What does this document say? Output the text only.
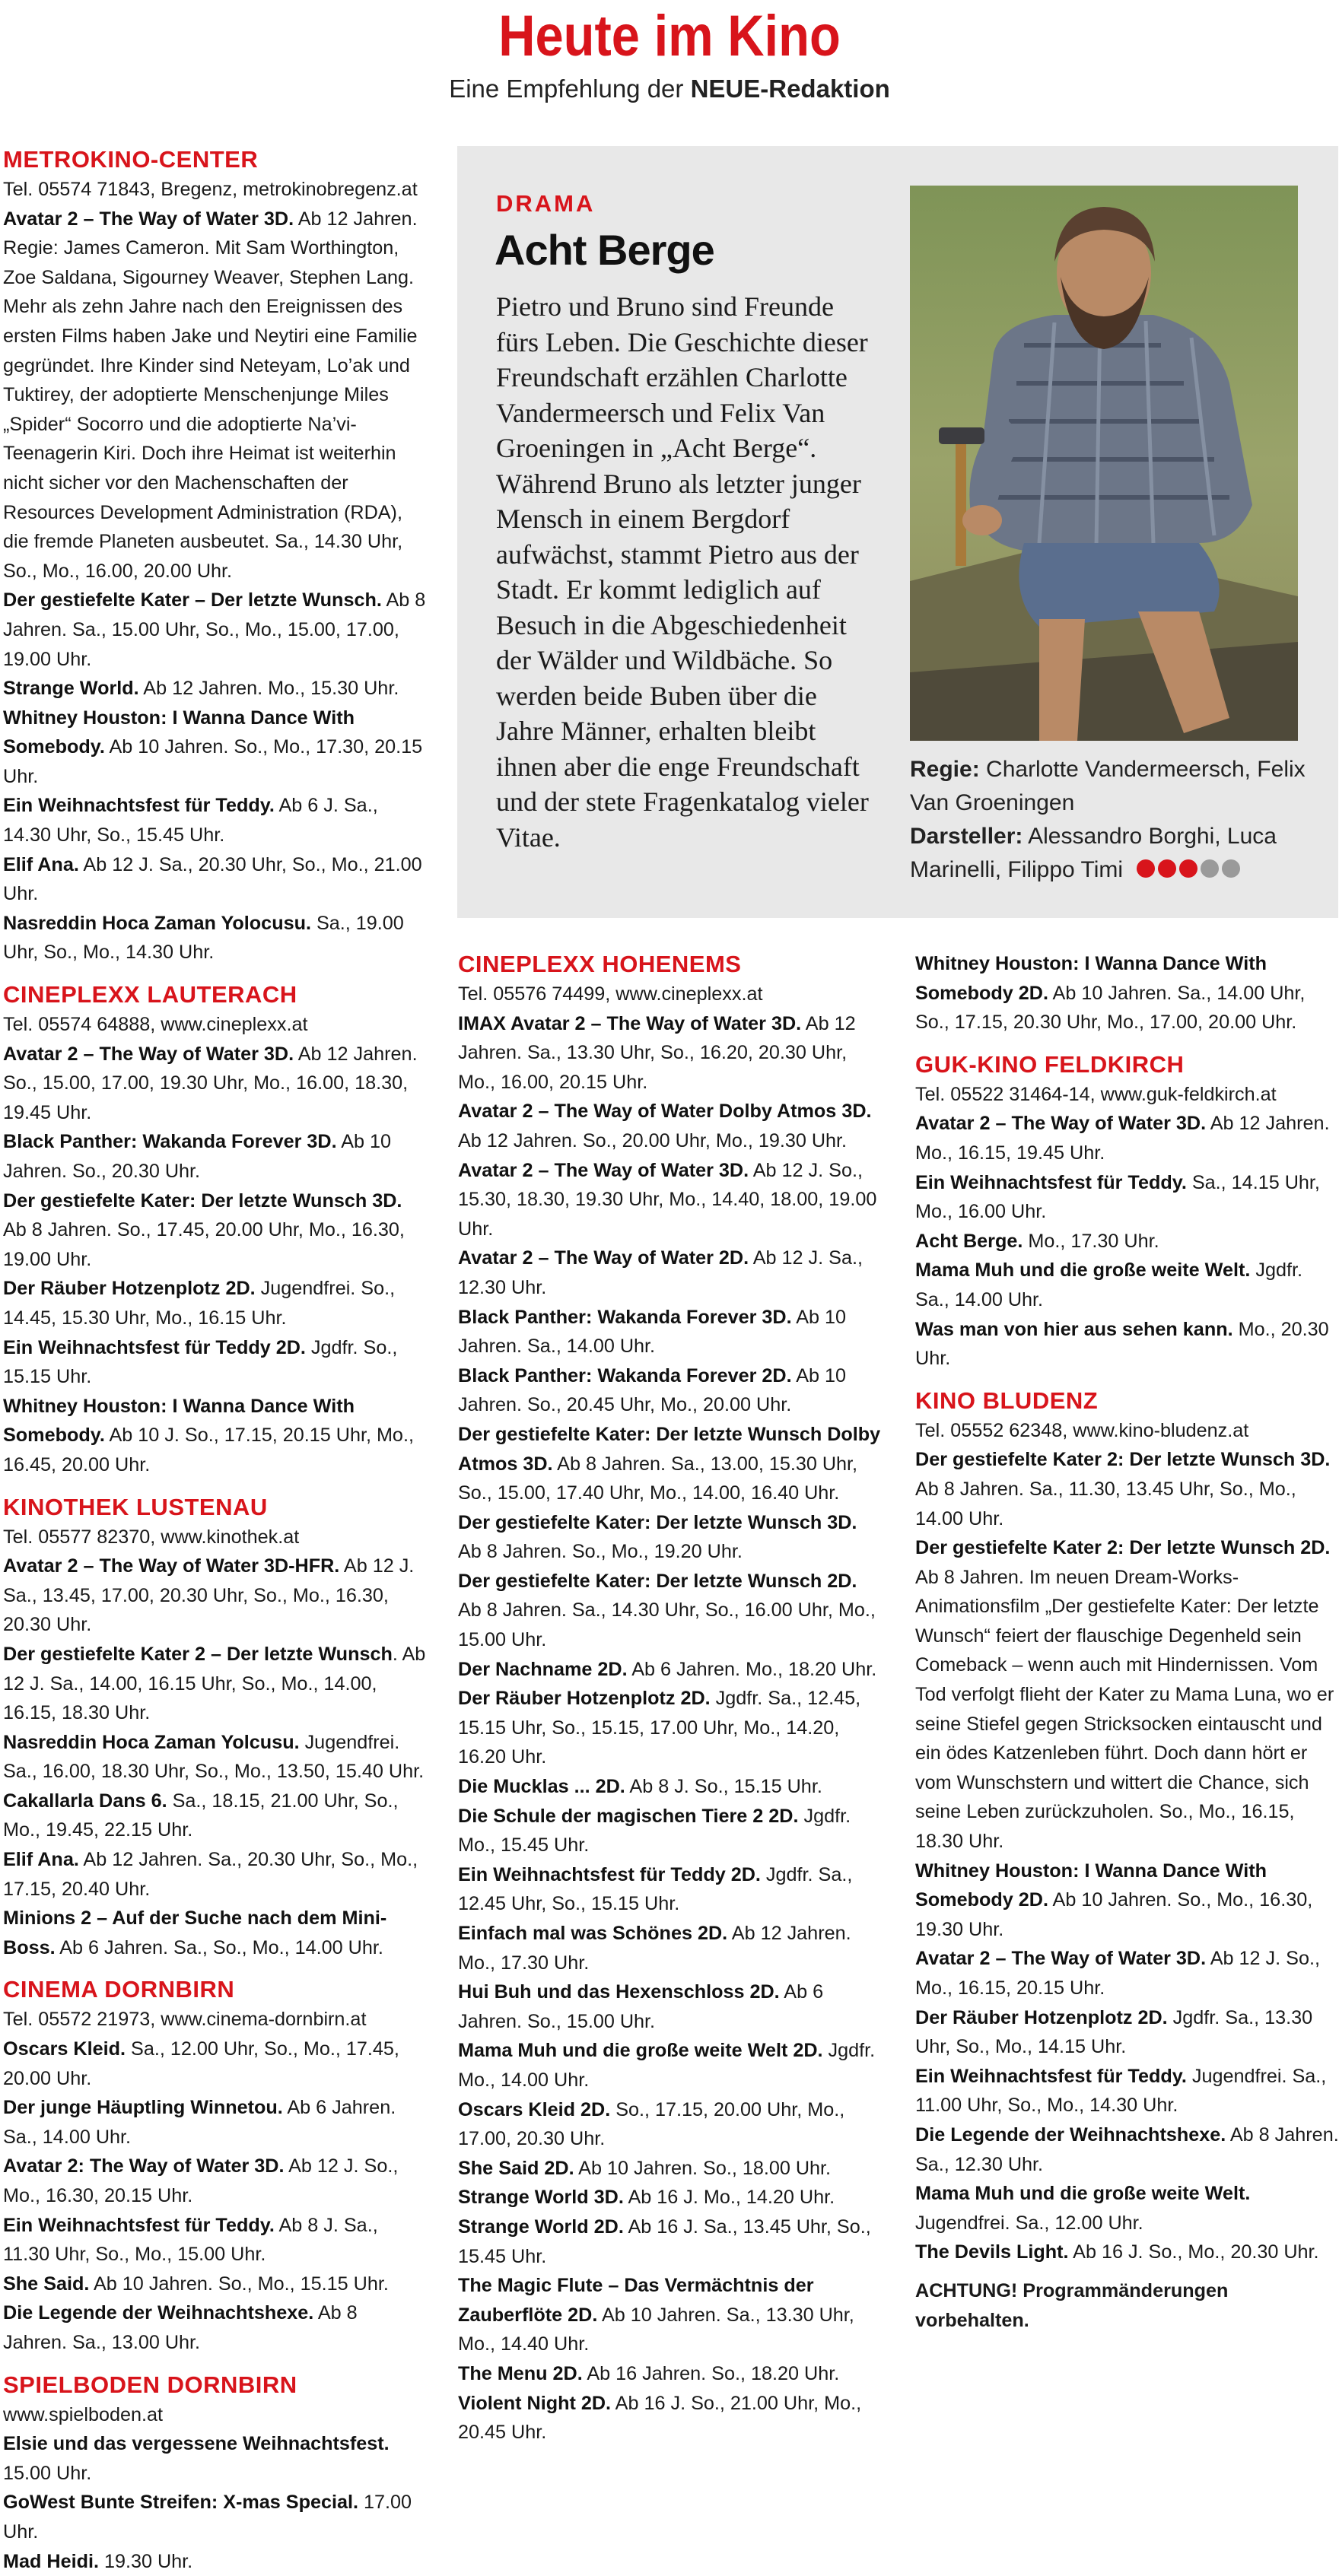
Heute im Kino
Eine Empfehlung der NEUE-Redaktion
DRAMA
Acht Berge
Pietro und Bruno sind Freunde fürs Leben. Die Geschichte dieser Freundschaft erzählen Charlotte Vandermeersch und Felix Van Groeningen in „Acht Berge“. Während Bruno als letzter junger Mensch in einem Bergdorf aufwächst, stammt Pietro aus der Stadt. Er kommt lediglich auf Besuch in die Abgeschiedenheit der Wälder und Wildbäche. So werden beide Buben über die Jahre Männer, erhalten bleibt ihnen aber die enge Freundschaft und der stete Fragenkatalog vieler Vitae.
Regie: Charlotte Vandermeersch, Felix Van Groeningen
Darsteller: Alessandro Borghi, Luca Marinelli, Filippo Timi
METROKINO-CENTER
Tel. 05574 71843, Bregenz, metrokinobregenz.at
Avatar 2 – The Way of Water 3D. Ab 12 Jahren. Regie: James Cameron. Mit Sam Worthington, Zoe Saldana, Sigourney Weaver, Stephen Lang. Mehr als zehn Jahre nach den Ereignissen des ersten Films haben Jake und Neytiri eine Familie gegründet. Ihre Kinder sind Neteyam, Lo’ak und Tuktirey, der adoptierte Menschenjunge Miles „Spider“ Socorro und die adoptierte Na’vi-Teenagerin Kiri. Doch ihre Heimat ist weiterhin nicht sicher vor den Machenschaften der Resources Development Administration (RDA), die fremde Planeten ausbeutet. Sa., 14.30 Uhr, So., Mo., 16.00, 20.00 Uhr.
Der gestiefelte Kater – Der letzte Wunsch. Ab 8 Jahren. Sa., 15.00 Uhr, So., Mo., 15.00, 17.00, 19.00 Uhr.
Strange World. Ab 12 Jahren. Mo., 15.30 Uhr.
Whitney Houston: I Wanna Dance With Somebody. Ab 10 Jahren. So., Mo., 17.30, 20.15 Uhr.
Ein Weihnachtsfest für Teddy. Ab 6 J. Sa., 14.30 Uhr, So., 15.45 Uhr.
Elif Ana. Ab 12 J. Sa., 20.30 Uhr, So., Mo., 21.00 Uhr.
Nasreddin Hoca Zaman Yolocusu. Sa., 19.00 Uhr, So., Mo., 14.30 Uhr.
CINEPLEXX LAUTERACH
Tel. 05574 64888, www.cineplexx.at
Avatar 2 – The Way of Water 3D. Ab 12 Jahren. So., 15.00, 17.00, 19.30 Uhr, Mo., 16.00, 18.30, 19.45 Uhr.
Black Panther: Wakanda Forever 3D. Ab 10 Jahren. So., 20.30 Uhr.
Der gestiefelte Kater: Der letzte Wunsch 3D. Ab 8 Jahren. So., 17.45, 20.00 Uhr, Mo., 16.30, 19.00 Uhr.
Der Räuber Hotzenplotz 2D. Jugendfrei. So., 14.45, 15.30 Uhr, Mo., 16.15 Uhr.
Ein Weihnachtsfest für Teddy 2D. Jgdfr. So., 15.15 Uhr.
Whitney Houston: I Wanna Dance With Somebody. Ab 10 J. So., 17.15, 20.15 Uhr, Mo., 16.45, 20.00 Uhr.
KINOTHEK LUSTENAU
Tel. 05577 82370, www.kinothek.at
Avatar 2 – The Way of Water 3D-HFR. Ab 12 J. Sa., 13.45, 17.00, 20.30 Uhr, So., Mo., 16.30, 20.30 Uhr.
Der gestiefelte Kater 2 – Der letzte Wunsch. Ab 12 J. Sa., 14.00, 16.15 Uhr, So., Mo., 14.00, 16.15, 18.30 Uhr.
Nasreddin Hoca Zaman Yolcusu. Jugendfrei. Sa., 16.00, 18.30 Uhr, So., Mo., 13.50, 15.40 Uhr.
Cakallarla Dans 6. Sa., 18.15, 21.00 Uhr, So., Mo., 19.45, 22.15 Uhr.
Elif Ana. Ab 12 Jahren. Sa., 20.30 Uhr, So., Mo., 17.15, 20.40 Uhr.
Minions 2 – Auf der Suche nach dem Mini-Boss. Ab 6 Jahren. Sa., So., Mo., 14.00 Uhr.
CINEMA DORNBIRN
Tel. 05572 21973, www.cinema-dornbirn.at
Oscars Kleid. Sa., 12.00 Uhr, So., Mo., 17.45, 20.00 Uhr.
Der junge Häuptling Winnetou. Ab 6 Jahren. Sa., 14.00 Uhr.
Avatar 2: The Way of Water 3D. Ab 12 J. So., Mo., 16.30, 20.15 Uhr.
Ein Weihnachtsfest für Teddy. Ab 8 J. Sa., 11.30 Uhr, So., Mo., 15.00 Uhr.
She Said. Ab 10 Jahren. So., Mo., 15.15 Uhr.
Die Legende der Weihnachtshexe. Ab 8 Jahren. Sa., 13.00 Uhr.
SPIELBODEN DORNBIRN
www.spielboden.at
Elsie und das vergessene Weihnachtsfest. 15.00 Uhr.
GoWest Bunte Streifen: X-mas Special. 17.00 Uhr.
Mad Heidi. 19.30 Uhr.
CINEPLEXX HOHENEMS
Tel. 05576 74499, www.cineplexx.at
IMAX Avatar 2 – The Way of Water 3D. Ab 12 Jahren. Sa., 13.30 Uhr, So., 16.20, 20.30 Uhr, Mo., 16.00, 20.15 Uhr.
Avatar 2 – The Way of Water Dolby Atmos 3D. Ab 12 Jahren. So., 20.00 Uhr, Mo., 19.30 Uhr.
Avatar 2 – The Way of Water 3D. Ab 12 J. So., 15.30, 18.30, 19.30 Uhr, Mo., 14.40, 18.00, 19.00 Uhr.
Avatar 2 – The Way of Water 2D. Ab 12 J. Sa., 12.30 Uhr.
Black Panther: Wakanda Forever 3D. Ab 10 Jahren. Sa., 14.00 Uhr.
Black Panther: Wakanda Forever 2D. Ab 10 Jahren. So., 20.45 Uhr, Mo., 20.00 Uhr.
Der gestiefelte Kater: Der letzte Wunsch Dolby Atmos 3D. Ab 8 Jahren. Sa., 13.00, 15.30 Uhr, So., 15.00, 17.40 Uhr, Mo., 14.00, 16.40 Uhr.
Der gestiefelte Kater: Der letzte Wunsch 3D. Ab 8 Jahren. So., Mo., 19.20 Uhr.
Der gestiefelte Kater: Der letzte Wunsch 2D. Ab 8 Jahren. Sa., 14.30 Uhr, So., 16.00 Uhr, Mo., 15.00 Uhr.
Der Nachname 2D. Ab 6 Jahren. Mo., 18.20 Uhr.
Der Räuber Hotzenplotz 2D. Jgdfr. Sa., 12.45, 15.15 Uhr, So., 15.15, 17.00 Uhr, Mo., 14.20, 16.20 Uhr.
Die Mucklas ... 2D. Ab 8 J. So., 15.15 Uhr.
Die Schule der magischen Tiere 2 2D. Jgdfr. Mo., 15.45 Uhr.
Ein Weihnachtsfest für Teddy 2D. Jgdfr. Sa., 12.45 Uhr, So., 15.15 Uhr.
Einfach mal was Schönes 2D. Ab 12 Jahren. Mo., 17.30 Uhr.
Hui Buh und das Hexenschloss 2D. Ab 6 Jahren. So., 15.00 Uhr.
Mama Muh und die große weite Welt 2D. Jgdfr. Mo., 14.00 Uhr.
Oscars Kleid 2D. So., 17.15, 20.00 Uhr, Mo., 17.00, 20.30 Uhr.
She Said 2D. Ab 10 Jahren. So., 18.00 Uhr.
Strange World 3D. Ab 16 J. Mo., 14.20 Uhr.
Strange World 2D. Ab 16 J. Sa., 13.45 Uhr, So., 15.45 Uhr.
The Magic Flute – Das Vermächtnis der Zauberflöte 2D. Ab 10 Jahren. Sa., 13.30 Uhr, Mo., 14.40 Uhr.
The Menu 2D. Ab 16 Jahren. So., 18.20 Uhr.
Violent Night 2D. Ab 16 J. So., 21.00 Uhr, Mo., 20.45 Uhr.
Whitney Houston: I Wanna Dance With Somebody 2D. Ab 10 Jahren. Sa., 14.00 Uhr, So., 17.15, 20.30 Uhr, Mo., 17.00, 20.00 Uhr.
GUK-KINO FELDKIRCH
Tel. 05522 31464-14, www.guk-feldkirch.at
Avatar 2 – The Way of Water 3D. Ab 12 Jahren. Mo., 16.15, 19.45 Uhr.
Ein Weihnachtsfest für Teddy. Sa., 14.15 Uhr, Mo., 16.00 Uhr.
Acht Berge. Mo., 17.30 Uhr.
Mama Muh und die große weite Welt. Jgdfr. Sa., 14.00 Uhr.
Was man von hier aus sehen kann. Mo., 20.30 Uhr.
KINO BLUDENZ
Tel. 05552 62348, www.kino-bludenz.at
Der gestiefelte Kater 2: Der letzte Wunsch 3D. Ab 8 Jahren. Sa., 11.30, 13.45 Uhr, So., Mo., 14.00 Uhr.
Der gestiefelte Kater 2: Der letzte Wunsch 2D. Ab 8 Jahren. Im neuen Dream-Works-Animationsfilm „Der gestiefelte Kater: Der letzte Wunsch“ feiert der flauschige Degenheld sein Comeback – wenn auch mit Hindernissen. Vom Tod verfolgt flieht der Kater zu Mama Luna, wo er seine Stiefel gegen Stricksocken eintauscht und ein ödes Katzenleben führt. Doch dann hört er vom Wunschstern und wittert die Chance, sich seine Leben zurückzuholen. So., Mo., 16.15, 18.30 Uhr.
Whitney Houston: I Wanna Dance With Somebody 2D. Ab 10 Jahren. So., Mo., 16.30, 19.30 Uhr.
Avatar 2 – The Way of Water 3D. Ab 12 J. So., Mo., 16.15, 20.15 Uhr.
Der Räuber Hotzenplotz 2D. Jgdfr. Sa., 13.30 Uhr, So., Mo., 14.15 Uhr.
Ein Weihnachtsfest für Teddy. Jugendfrei. Sa., 11.00 Uhr, So., Mo., 14.30 Uhr.
Die Legende der Weihnachtshexe. Ab 8 Jahren. Sa., 12.30 Uhr.
Mama Muh und die große weite Welt. Jugendfrei. Sa., 12.00 Uhr.
The Devils Light. Ab 16 J. So., Mo., 20.30 Uhr.
ACHTUNG! Programmänderungen vorbehalten.
